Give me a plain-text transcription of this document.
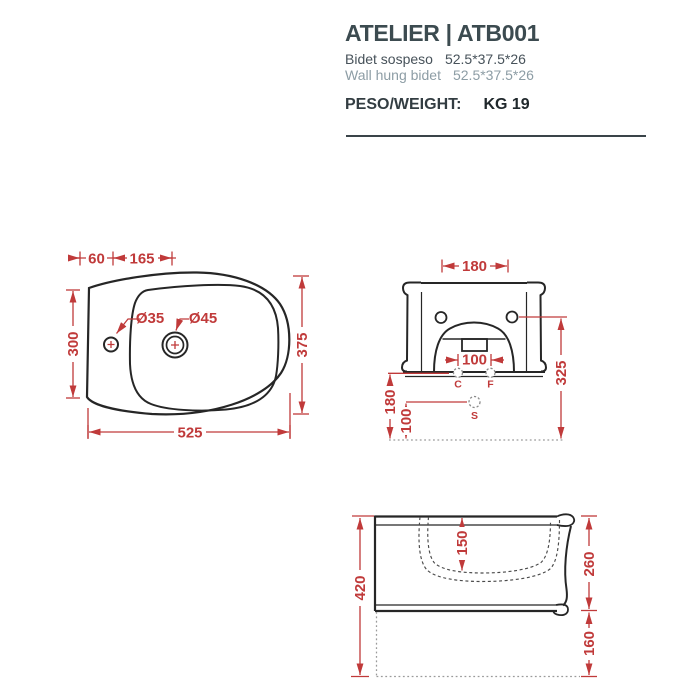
60 165
300	375
525
Ø35 Ø45
180
100
C F
S
180
100
325
150
420
260
160
ATELIER | ATB001
Bidet sospeso 52.5*37.5*26
Wall hung bidet 52.5*37.5*26
PESO/WEIGHT: KG 19
